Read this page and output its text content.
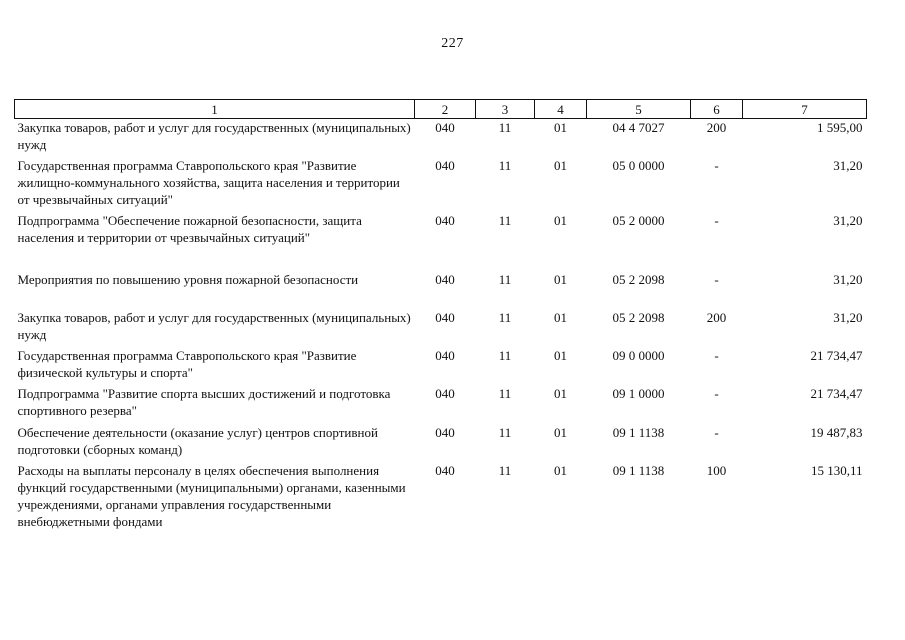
227
1	2	3	4	5	6	7
Закупка товаров, работ и услуг для государственных (муниципальных) нужд	040	11	01	04 4 7027	200	1 595,00
Государственная программа Ставропольского края "Развитие жилищно-коммунального хозяйства, защита населения и территории от чрезвычайных ситуаций"	040	11	01	05 0 0000	-	31,20
Подпрограмма "Обеспечение пожарной безопасности, защита населения и территории от чрезвычайных ситуаций"	040	11	01	05 2 0000	-	31,20
Мероприятия по повышению уровня пожарной безопасности	040	11	01	05 2 2098	-	31,20
Закупка товаров, работ и услуг для государственных (муниципальных) нужд	040	11	01	05 2 2098	200	31,20
Государственная программа Ставропольского края "Развитие физической культуры и спорта"	040	11	01	09 0 0000	-	21 734,47
Подпрограмма "Развитие спорта высших достижений и подготовка спортивного резерва"	040	11	01	09 1 0000	-	21 734,47
Обеспечение деятельности (оказание услуг) центров спортивной подготовки (сборных команд)	040	11	01	09 1 1138	-	19 487,83
Расходы на выплаты персоналу в целях обеспечения выполнения функций государственными (муниципальными) органами, казенными учреждениями, органами управления государственными внебюджетными фондами	040	11	01	09 1 1138	100	15 130,11
